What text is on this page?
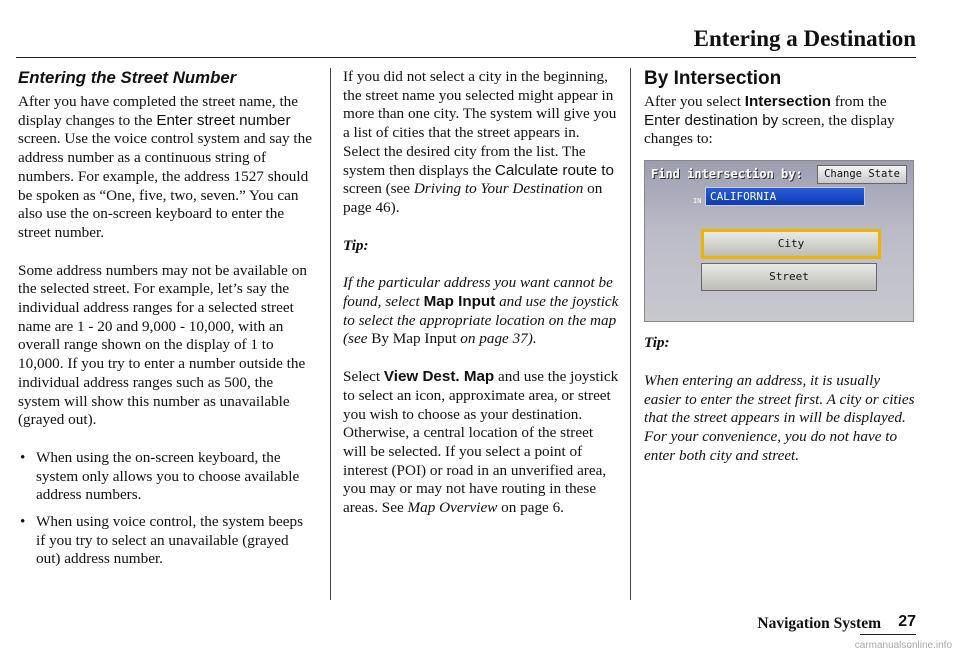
Entering a Destination
Entering the Street Number

After you have completed the street name, the display changes to the Enter street number screen. Use the voice control system and say the address number as a continuous string of numbers. For example, the address 1527 should be spoken as “One, five, two, seven.” You can also use the on-screen keyboard to enter the street number.

Some address numbers may not be available on the selected street. For example, let’s say the individual address ranges for a selected street name are 1 - 20 and 9,000 - 10,000, with an overall range shown on the display of 1 to 10,000. If you try to enter a number outside the individual address ranges such as 500, the system will show this number as unavailable (grayed out).

• When using the on-screen keyboard, the system only allows you to choose available address numbers.
• When using voice control, the system beeps if you try to select an unavailable (grayed out) address number.

If you did not select a city in the beginning, the street name you selected might appear in more than one city. The system will give you a list of cities that the street appears in. Select the desired city from the list. The system then displays the Calculate route to screen (see Driving to Your Destination on page 46).

Tip:

If the particular address you want cannot be found, select Map Input and use the joystick to select the appropriate location on the map (see By Map Input on page 37).

Select View Dest. Map and use the joystick to select an icon, approximate area, or street you wish to choose as your destination. Otherwise, a central location of the street will be selected. If you select a point of interest (POI) or road in an unverified area, you may or may not have routing in these areas. See Map Overview on page 6.

By Intersection

After you select Intersection from the Enter destination by screen, the display changes to:

Find intersection by:	Change State
IN CALIFORNIA
City
Street

Tip:

When entering an address, it is usually easier to enter the street first. A city or cities that the street appears in will be displayed. For your convenience, you do not have to enter both city and street.

Navigation System 27

carmanualsonline.info
